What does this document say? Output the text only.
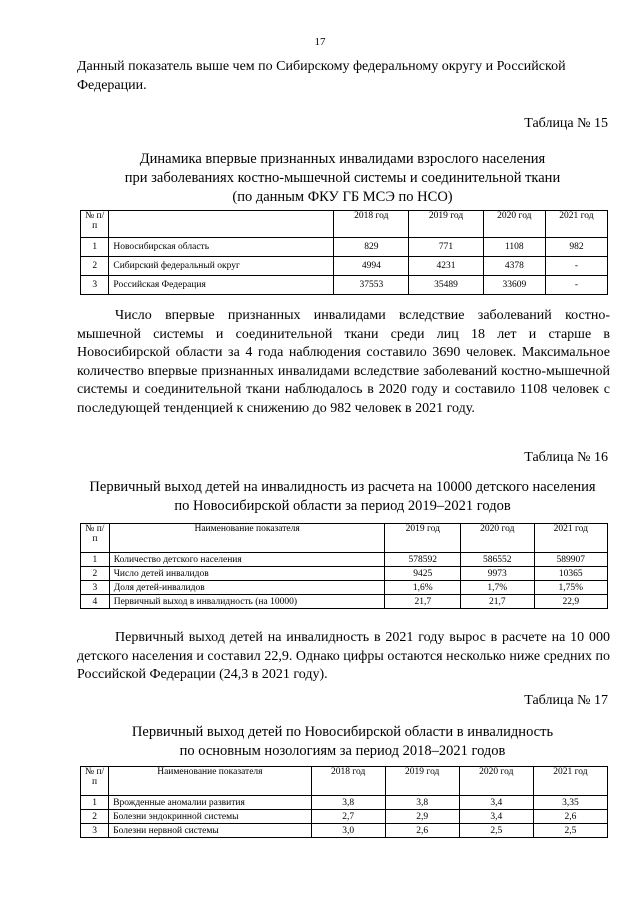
17

Данный показатель выше чем по Сибирскому федеральному округу и Российской Федерации.

Таблица № 15
Динамика впервые признанных инвалидами взрослого населения
при заболеваниях костно-мышечной системы и соединительной ткани
(по данным ФКУ ГБ МСЭ по НСО)
№ п/п		2018 год	2019 год	2020 год	2021 год
1	Новосибирская область	829	771	1108	982
2	Сибирский федеральный округ	4994	4231	4378	-
3	Российская Федерация	37553	35489	33609	-

Число впервые признанных инвалидами вследствие заболеваний костно-мышечной системы и соединительной ткани среди лиц 18 лет и старше в Новосибирской области за 4 года наблюдения составило 3690 человек. Максимальное количество впервые признанных инвалидами вследствие заболеваний костно-мышечной системы и соединительной ткани наблюдалось в 2020 году и составило 1108 человек с последующей тенденцией к снижению до 982 человек в 2021 году.

Таблица № 16
Первичный выход детей на инвалидность из расчета на 10000 детского населения
по Новосибирской области за период 2019–2021 годов
№ п/п	Наименование показателя	2019 год	2020 год	2021 год
1	Количество детского населения	578592	586552	589907
2	Число детей инвалидов	9425	9973	10365
3	Доля детей-инвалидов	1,6%	1,7%	1,75%
4	Первичный выход в инвалидность (на 10000)	21,7	21,7	22,9

Первичный выход детей на инвалидность в 2021 году вырос в расчете на 10 000 детского населения и составил 22,9. Однако цифры остаются несколько ниже средних по Российской Федерации (24,3 в 2021 году).

Таблица № 17
Первичный выход детей по Новосибирской области в инвалидность
по основным нозологиям за период 2018–2021 годов
№ п/п	Наименование показателя	2018 год	2019 год	2020 год	2021 год
1	Врожденные аномалии развития	3,8	3,8	3,4	3,35
2	Болезни эндокринной системы	2,7	2,9	3,4	2,6
3	Болезни нервной системы	3,0	2,6	2,5	2,5
